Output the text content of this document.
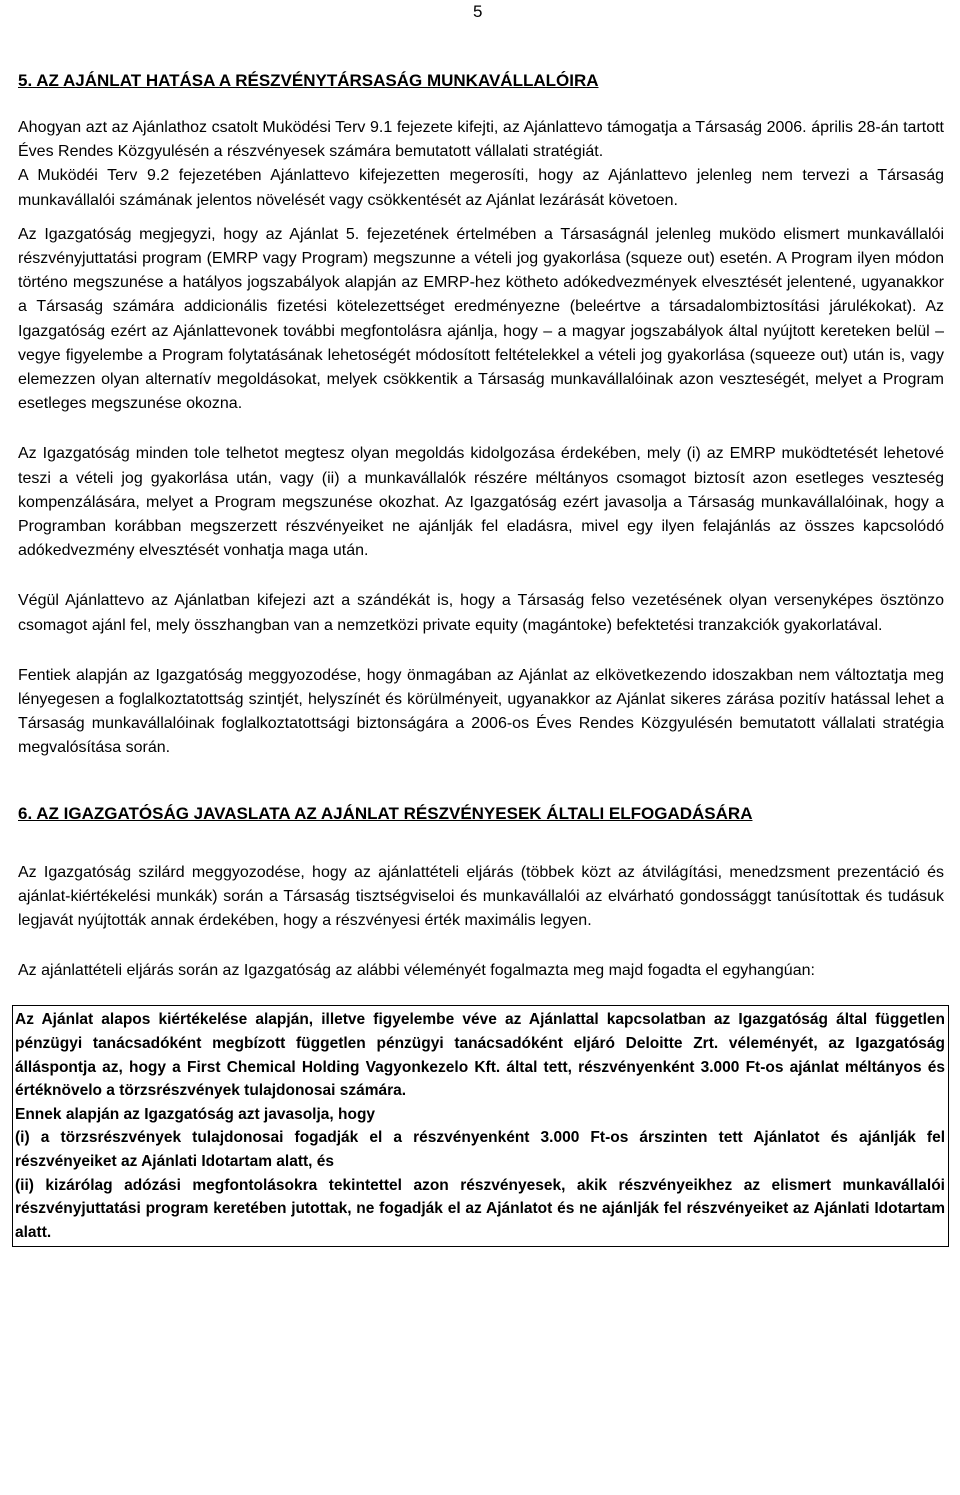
5
5. AZ AJÁNLAT HATÁSA A RÉSZVÉNYTÁRSASÁG MUNKAVÁLLALÓIRA

Ahogyan azt az Ajánlathoz csatolt Muködési Terv 9.1 fejezete kifejti, az Ajánlattevo támogatja a Társaság 2006. április 28-án tartott Éves Rendes Közgyulésén a részvényesek számára bemutatott vállalati stratégiát.

A Muködéi Terv 9.2 fejezetében Ajánlattevo kifejezetten megerosíti, hogy az Ajánlattevo jelenleg nem tervezi a Társaság munkavállalói számának jelentos növelését vagy csökkentését az Ajánlat lezárását követoen.

Az Igazgatóság megjegyzi, hogy az Ajánlat 5. fejezetének értelmében a Társaságnál jelenleg muködo elismert munkavállalói részvényjuttatási program (EMRP vagy Program) megszunne a vételi jog gyakorlása (squeze out) esetén. A Program ilyen módon történo megszunése a hatályos jogszabályok alapján az EMRP-hez kötheto adókedvezmények elvesztését jelentené, ugyanakkor a Társaság számára addicionális fizetési kötelezettséget eredményezne (beleértve a társadalombiztosítási járulékokat). Az Igazgatóság ezért az Ajánlattevonek további megfontolásra ajánlja, hogy – a magyar jogszabályok által nyújtott kereteken belül – vegye figyelembe a Program folytatásának lehetoségét módosított feltételekkel a vételi jog gyakorlása (squeeze out) után is, vagy elemezzen olyan alternatív megoldásokat, melyek csökkentik a Társaság munkavállalóinak azon veszteségét, melyet a Program esetleges megszunése okozna.

Az Igazgatóság minden tole telhetot megtesz olyan megoldás kidolgozása érdekében, mely (i) az EMRP muködtetését lehetové teszi a vételi jog gyakorlása után, vagy (ii) a munkavállalók részére méltányos csomagot biztosít azon esetleges veszteség kompenzálására, melyet a Program megszunése okozhat. Az Igazgatóság ezért javasolja a Társaság munkavállalóinak, hogy a Programban korábban megszerzett részvényeiket ne ajánlják fel eladásra, mivel egy ilyen felajánlás az összes kapcsolódó adókedvezmény elvesztését vonhatja maga után.

Végül Ajánlattevo az Ajánlatban kifejezi azt a szándékát is, hogy a Társaság felso vezetésének olyan versenyképes ösztönzo csomagot ajánl fel, mely összhangban van a nemzetközi private equity (magántoke) befektetési tranzakciók gyakorlatával.

Fentiek alapján az Igazgatóság meggyozodése, hogy önmagában az Ajánlat az elkövetkezendo idoszakban nem változtatja meg lényegesen a foglalkoztatottság szintjét, helyszínét és körülményeit, ugyanakkor az Ajánlat sikeres zárása pozitív hatással lehet a Társaság munkavállalóinak foglalkoztatottsági biztonságára a 2006-os Éves Rendes Közgyulésén bemutatott vállalati stratégia megvalósítása során.

6. AZ IGAZGATÓSÁG JAVASLATA AZ AJÁNLAT RÉSZVÉNYESEK ÁLTALI ELFOGADÁSÁRA

Az Igazgatóság szilárd meggyozodése, hogy az ajánlattételi eljárás (többek közt az átvilágítási, menedzsment prezentáció és ajánlat-kiértékelési munkák) során a Társaság tisztségviseloi és munkavállalói az elvárható gondossággt tanúsítottak és tudásuk legjavát nyújtották annak érdekében, hogy a részvényesi érték maximális legyen.

Az ajánlattételi eljárás során az Igazgatóság az alábbi véleményét fogalmazta meg majd fogadta el egyhangúan:

Az Ajánlat alapos kiértékelése alapján, illetve figyelembe véve az Ajánlattal kapcsolatban az Igazgatóság által független pénzügyi tanácsadóként megbízott független pénzügyi tanácsadóként eljáró Deloitte Zrt. véleményét, az Igazgatóság álláspontja az, hogy a First Chemical Holding Vagyonkezelo Kft. által tett, részvényenként 3.000 Ft-os ajánlat méltányos és értéknövelo a törzsrészvények tulajdonosai számára.

Ennek alapján az Igazgatóság azt javasolja, hogy

(i) a törzsrészvények tulajdonosai fogadják el a részvényenként 3.000 Ft-os árszinten tett Ajánlatot és ajánlják fel részvényeiket az Ajánlati Idotartam alatt, és

(ii) kizárólag adózási megfontolásokra tekintettel azon részvényesek, akik részvényeikhez az elismert munkavállalói részvényjuttatási program keretében jutottak, ne fogadják el az Ajánlatot és ne ajánlják fel részvényeiket az Ajánlati Idotartam alatt.
